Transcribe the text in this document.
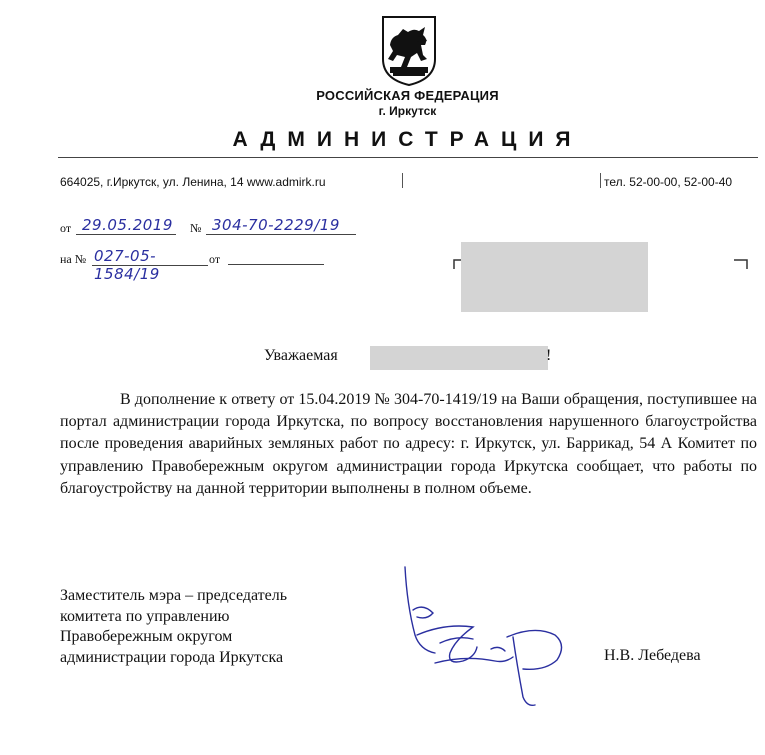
РОССИЙСКАЯ ФЕДЕРАЦИЯ
г. Иркутск
АДМИНИСТРАЦИЯ
664025, г.Иркутск, ул. Ленина, 14 www.admirk.ru	тел. 52-00-00, 52-00-40
от 29.05.2019 № 304-70-2229/19
на № 027-05-1584/19
от
Уважаемая	!
В дополнение к ответу от 15.04.2019 № 304-70-1419/19 на Ваши обращения, поступившее на портал администрации города Иркутска, по вопросу восстановления нарушенного благоустройства после проведения аварийных земляных работ по адресу: г. Иркутск, ул. Баррикад, 54 А Комитет по управлению Правобережным округом администрации города Иркутска сообщает, что работы по благоустройству на данной территории выполнены в полном объеме.
Заместитель мэра – председатель
комитета по управлению
Правобережным округом
администрации города Иркутска	Н.В. Лебедева
